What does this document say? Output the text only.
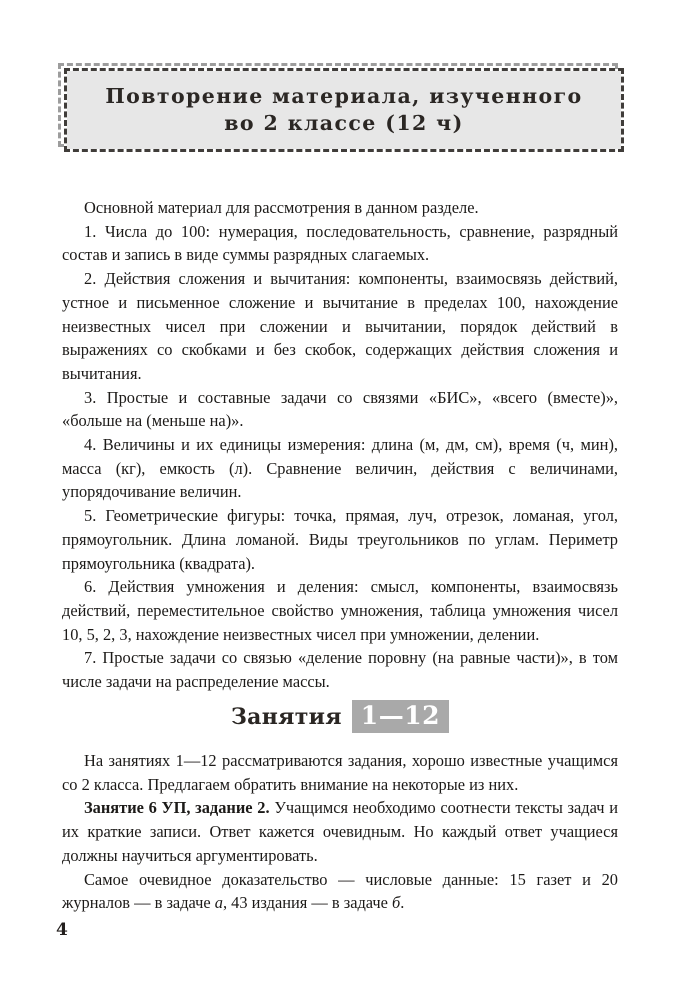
Повторение материала, изученного
во 2 классе (12 ч)

Основной материал для рассмотрения в данном разделе.

1. Числа до 100: нумерация, последовательность, сравнение, разрядный состав и запись в виде суммы разрядных слагаемых.

2. Действия сложения и вычитания: компоненты, взаимосвязь действий, устное и письменное сложение и вычитание в пределах 100, нахождение неизвестных чисел при сложении и вычитании, порядок действий в выражениях со скобками и без скобок, содержащих действия сложения и вычитания.

3. Простые и составные задачи со связями «БИС», «всего (вместе)», «больше на (меньше на)».

4. Величины и их единицы измерения: длина (м, дм, см), время (ч, мин), масса (кг), емкость (л). Сравнение величин, действия с величинами, упорядочивание величин.

5. Геометрические фигуры: точка, прямая, луч, отрезок, ломаная, угол, прямоугольник. Длина ломаной. Виды треугольников по углам. Периметр прямоугольника (квадрата).

6. Действия умножения и деления: смысл, компоненты, взаимосвязь действий, переместительное свойство умножения, таблица умножения чисел 10, 5, 2, 3, нахождение неизвестных чисел при умножении, делении.

7. Простые задачи со связью «деление поровну (на равные части)», в том числе задачи на распределение массы.

Занятия 1—12

На занятиях 1—12 рассматриваются задания, хорошо известные учащимся со 2 класса. Предлагаем обратить внимание на некоторые из них.

Занятие 6 УП, задание 2. Учащимся необходимо соотнести тексты задач и их краткие записи. Ответ кажется очевидным. Но каждый ответ учащиеся должны научиться аргументировать.

Самое очевидное доказательство — числовые данные: 15 газет и 20 журналов — в задаче а, 43 издания — в задаче б.

4
